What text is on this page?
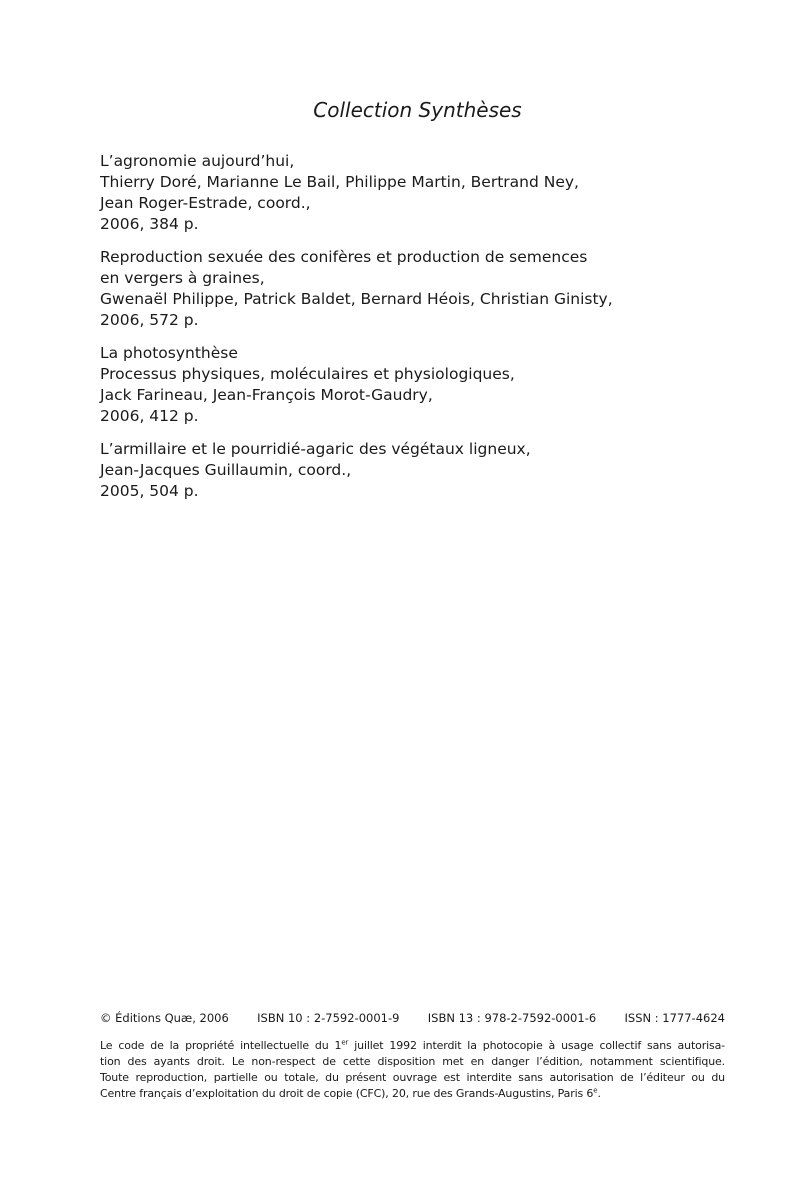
Collection Synthèses
L’agronomie aujourd’hui,
Thierry Doré, Marianne Le Bail, Philippe Martin, Bertrand Ney,
Jean Roger-Estrade, coord.,
2006, 384 p.
Reproduction sexuée des conifères et production de semences
en vergers à graines,
Gwenaël Philippe, Patrick Baldet, Bernard Héois, Christian Ginisty,
2006, 572 p.
La photosynthèse
Processus physiques, moléculaires et physiologiques,
Jack Farineau, Jean-François Morot-Gaudry,
2006, 412 p.
L’armillaire et le pourridié-agaric des végétaux ligneux,
Jean-Jacques Guillaumin, coord.,
2005, 504 p.
© Éditions Quæ, 2006 ISBN 10 : 2-7592-0001-9 ISBN 13 : 978-2-7592-0001-6 ISSN : 1777-4624
Le code de la propriété intellectuelle du 1er juillet 1992 interdit la photocopie à usage collectif sans autorisa-
tion des ayants droit. Le non-respect de cette disposition met en danger l’édition, notamment scientifique.
Toute reproduction, partielle ou totale, du présent ouvrage est interdite sans autorisation de l’éditeur ou du
Centre français d’exploitation du droit de copie (CFC), 20, rue des Grands-Augustins, Paris 6e.
